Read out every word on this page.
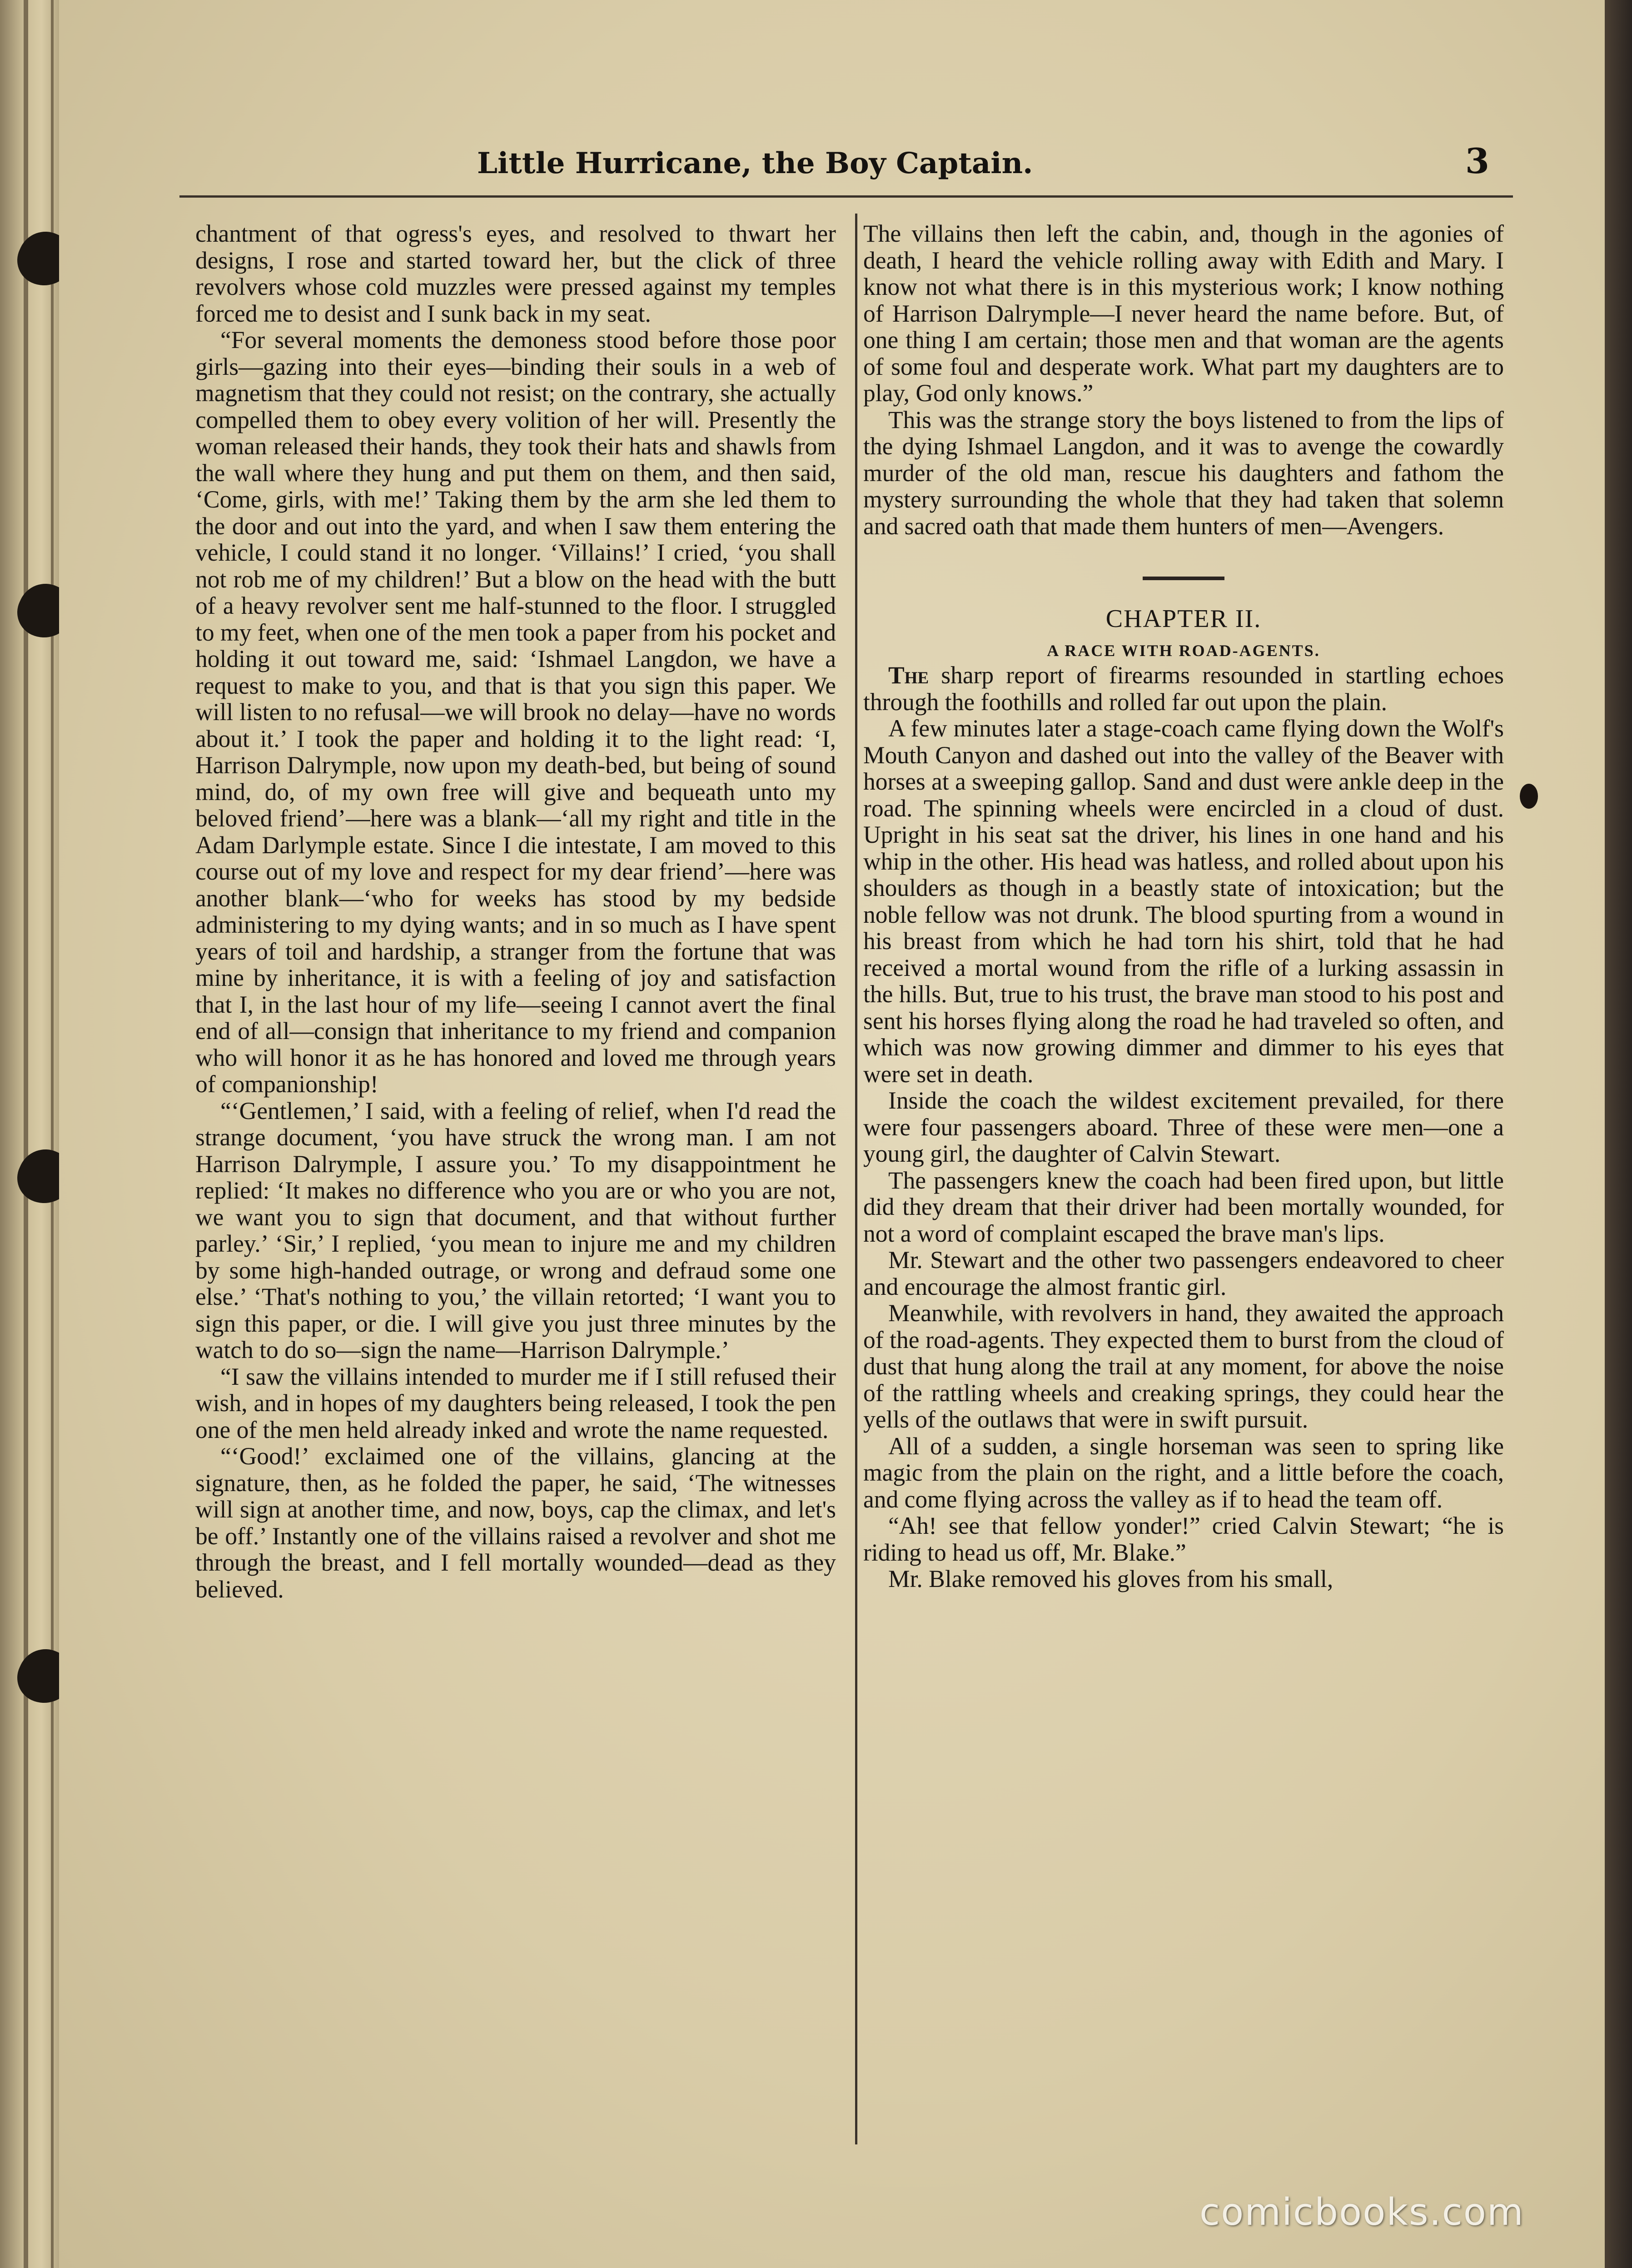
Little Hurricane, the Boy Captain.	3

chantment of that ogress's eyes, and resolved to thwart her designs, I rose and started toward her, but the click of three revolvers whose cold muzzles were pressed against my temples forced me to desist and I sunk back in my seat.

“For several moments the demoness stood before those poor girls—gazing into their eyes—binding their souls in a web of magnetism that they could not resist; on the contrary, she actually compelled them to obey every volition of her will. Presently the woman released their hands, they took their hats and shawls from the wall where they hung and put them on them, and then said, ‘Come, girls, with me!’ Taking them by the arm she led them to the door and out into the yard, and when I saw them entering the vehicle, I could stand it no longer. ‘Villains!’ I cried, ‘you shall not rob me of my children!’ But a blow on the head with the butt of a heavy revolver sent me half-stunned to the floor. I struggled to my feet, when one of the men took a paper from his pocket and holding it out toward me, said: ‘Ishmael Langdon, we have a request to make to you, and that is that you sign this paper. We will listen to no refusal—we will brook no delay—have no words about it.’ I took the paper and holding it to the light read: ‘I, Harrison Dalrymple, now upon my death-bed, but being of sound mind, do, of my own free will give and bequeath unto my beloved friend’—here was a blank—‘all my right and title in the Adam Darlymple estate. Since I die intestate, I am moved to this course out of my love and respect for my dear friend’—here was another blank—‘who for weeks has stood by my bedside administering to my dying wants; and in so much as I have spent years of toil and hardship, a stranger from the fortune that was mine by inheritance, it is with a feeling of joy and satisfaction that I, in the last hour of my life—seeing I cannot avert the final end of all—consign that inheritance to my friend and companion who will honor it as he has honored and loved me through years of companionship!

“‘Gentlemen,’ I said, with a feeling of relief, when I'd read the strange document, ‘you have struck the wrong man. I am not Harrison Dalrymple, I assure you.’ To my disappointment he replied: ‘It makes no difference who you are or who you are not, we want you to sign that document, and that without further parley.’ ‘Sir,’ I replied, ‘you mean to injure me and my children by some high-handed outrage, or wrong and defraud some one else.’ ‘That's nothing to you,’ the villain retorted; ‘I want you to sign this paper, or die. I will give you just three minutes by the watch to do so—sign the name—Harrison Dalrymple.’

“I saw the villains intended to murder me if I still refused their wish, and in hopes of my daughters being released, I took the pen one of the men held already inked and wrote the name requested.

“‘Good!’ exclaimed one of the villains, glancing at the signature, then, as he folded the paper, he said, ‘The witnesses will sign at another time, and now, boys, cap the climax, and let's be off.’ Instantly one of the villains raised a revolver and shot me through the breast, and I fell mortally wounded—dead as they believed.

The villains then left the cabin, and, though in the agonies of death, I heard the vehicle rolling away with Edith and Mary. I know not what there is in this mysterious work; I know nothing of Harrison Dalrymple—I never heard the name before. But, of one thing I am certain; those men and that woman are the agents of some foul and desperate work. What part my daughters are to play, God only knows.”

This was the strange story the boys listened to from the lips of the dying Ishmael Langdon, and it was to avenge the cowardly murder of the old man, rescue his daughters and fathom the mystery surrounding the whole that they had taken that solemn and sacred oath that made them hunters of men—Avengers.

CHAPTER II.
A RACE WITH ROAD-AGENTS.

The sharp report of firearms resounded in startling echoes through the foothills and rolled far out upon the plain.

A few minutes later a stage-coach came flying down the Wolf's Mouth Canyon and dashed out into the valley of the Beaver with horses at a sweeping gallop. Sand and dust were ankle deep in the road. The spinning wheels were encircled in a cloud of dust. Upright in his seat sat the driver, his lines in one hand and his whip in the other. His head was hatless, and rolled about upon his shoulders as though in a beastly state of intoxication; but the noble fellow was not drunk. The blood spurting from a wound in his breast from which he had torn his shirt, told that he had received a mortal wound from the rifle of a lurking assassin in the hills. But, true to his trust, the brave man stood to his post and sent his horses flying along the road he had traveled so often, and which was now growing dimmer and dimmer to his eyes that were set in death.

Inside the coach the wildest excitement prevailed, for there were four passengers aboard. Three of these were men—one a young girl, the daughter of Calvin Stewart.

The passengers knew the coach had been fired upon, but little did they dream that their driver had been mortally wounded, for not a word of complaint escaped the brave man's lips.

Mr. Stewart and the other two passengers endeavored to cheer and encourage the almost frantic girl.

Meanwhile, with revolvers in hand, they awaited the approach of the road-agents. They expected them to burst from the cloud of dust that hung along the trail at any moment, for above the noise of the rattling wheels and creaking springs, they could hear the yells of the outlaws that were in swift pursuit.

All of a sudden, a single horseman was seen to spring like magic from the plain on the right, and a little before the coach, and come flying across the valley as if to head the team off.

“Ah! see that fellow yonder!” cried Calvin Stewart; “he is riding to head us off, Mr. Blake.”

Mr. Blake removed his gloves from his small,

comicbooks.com
